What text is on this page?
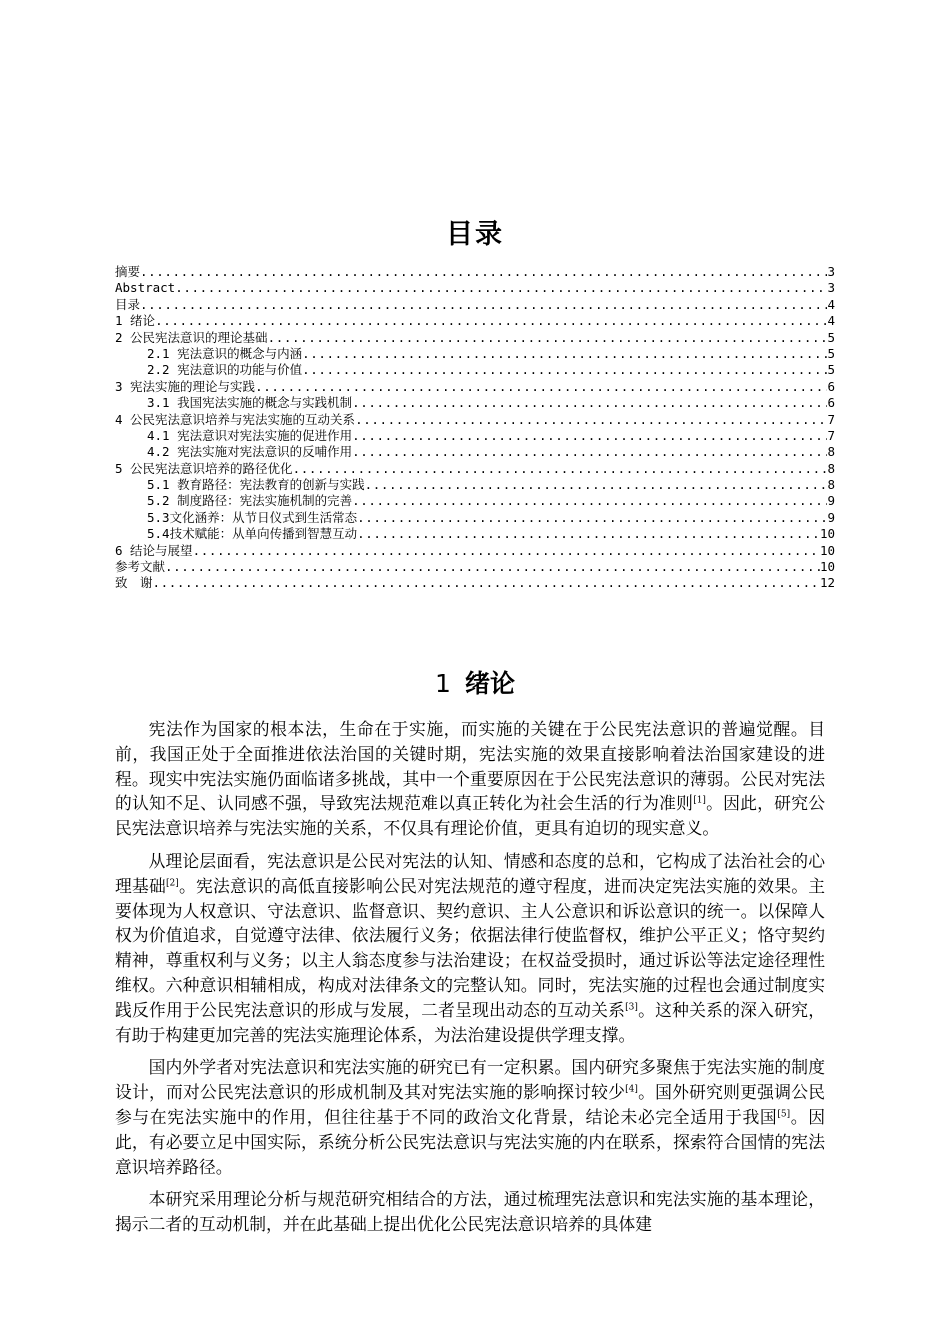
目录
摘要 .....	3
Abstract .....	3
目录 .....	4
1 绪论 .....	4
2 公民宪法意识的理论基础 .....	5
2.1 宪法意识的概念与内涵 .....	5
2.2 宪法意识的功能与价值 .....	5
3 宪法实施的理论与实践 .....	6
3.1 我国宪法实施的概念与实践机制 .....	6
4 公民宪法意识培养与宪法实施的互动关系 .....	7
4.1 宪法意识对宪法实施的促进作用 .....	7
4.2 宪法实施对宪法意识的反哺作用 .....	8
5 公民宪法意识培养的路径优化 .....	8
5.1 教育路径：宪法教育的创新与实践 .....	8
5.2 制度路径：宪法实施机制的完善 .....	9
5.3文化涵养：从节日仪式到生活常态 .....	9
5.4技术赋能：从单向传播到智慧互动 .....	10
6 结论与展望 .....	10
参考文献 .....	10
致　谢 .....	12
1 绪论

宪法作为国家的根本法，生命在于实施，而实施的关键在于公民宪法意识的普遍觉醒。目前，我国正处于全面推进依法治国的关键时期，宪法实施的效果直接影响着法治国家建设的进程。现实中宪法实施仍面临诸多挑战，其中一个重要原因在于公民宪法意识的薄弱。公民对宪法的认知不足、认同感不强，导致宪法规范难以真正转化为社会生活的行为准则[1]。因此，研究公民宪法意识培养与宪法实施的关系，不仅具有理论价值，更具有迫切的现实意义。

从理论层面看，宪法意识是公民对宪法的认知、情感和态度的总和，它构成了法治社会的心理基础[2]。宪法意识的高低直接影响公民对宪法规范的遵守程度，进而决定宪法实施的效果。主要体现为人权意识、守法意识、监督意识、契约意识、主人公意识和诉讼意识的统一。以保障人权为价值追求，自觉遵守法律、依法履行义务；依据法律行使监督权，维护公平正义；恪守契约精神，尊重权利与义务；以主人翁态度参与法治建设；在权益受损时，通过诉讼等法定途径理性维权。六种意识相辅相成，构成对法律条文的完整认知。同时，宪法实施的过程也会通过制度实践反作用于公民宪法意识的形成与发展，二者呈现出动态的互动关系[3]。这种关系的深入研究，有助于构建更加完善的宪法实施理论体系，为法治建设提供学理支撑。

国内外学者对宪法意识和宪法实施的研究已有一定积累。国内研究多聚焦于宪法实施的制度设计，而对公民宪法意识的形成机制及其对宪法实施的影响探讨较少[4]。国外研究则更强调公民参与在宪法实施中的作用，但往往基于不同的政治文化背景，结论未必完全适用于我国[5]。因此，有必要立足中国实际，系统分析公民宪法意识与宪法实施的内在联系，探索符合国情的宪法意识培养路径。

本研究采用理论分析与规范研究相结合的方法，通过梳理宪法意识和宪法实施的基本理论，揭示二者的互动机制，并在此基础上提出优化公民宪法意识培养的具体建
